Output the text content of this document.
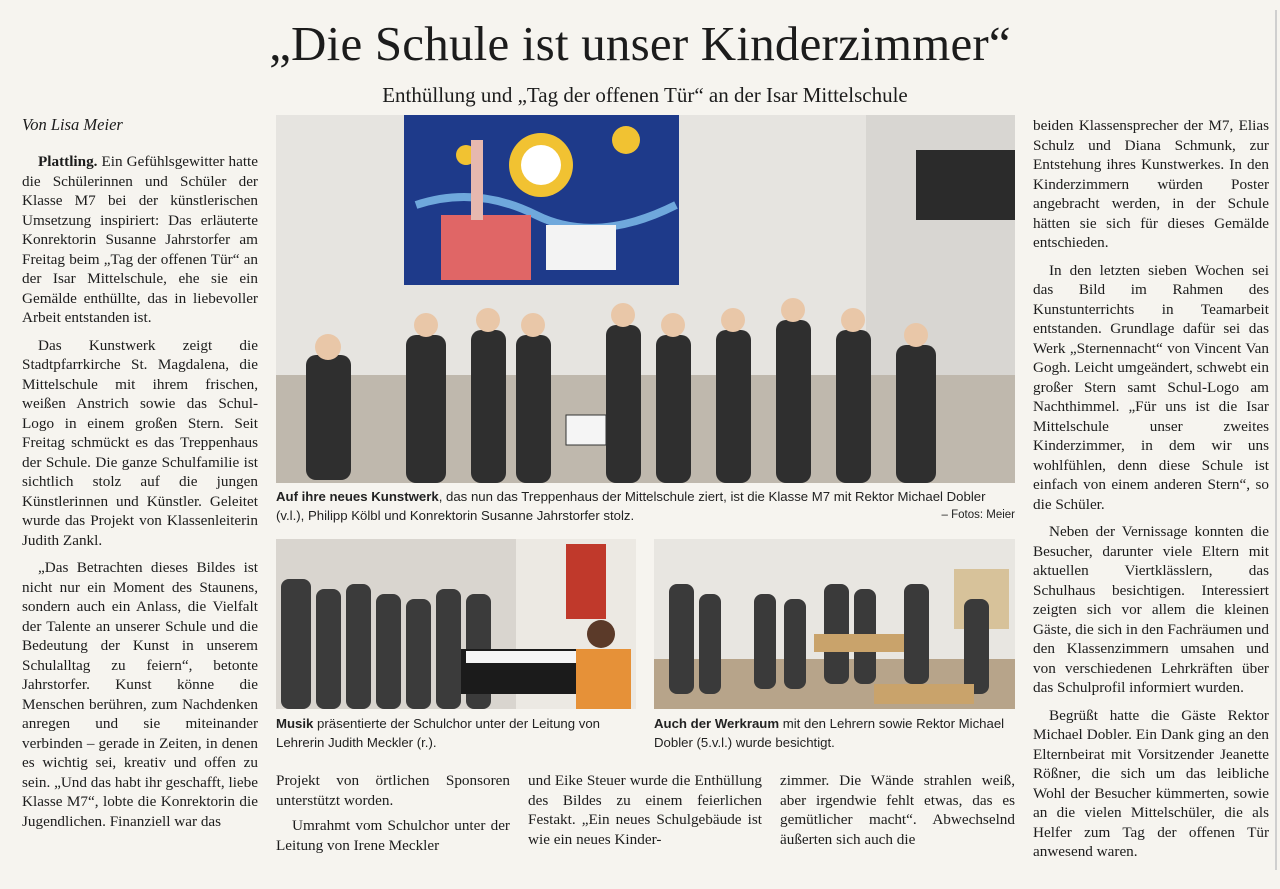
„Die Schule ist unser Kinderzimmer“
Enthüllung und „Tag der offenen Tür“ an der Isar Mittelschule
Von Lisa Meier

Plattling. Ein Gefühlsgewitter hatte die Schülerinnen und Schüler der Klasse M7 bei der künstlerischen Umsetzung inspiriert: Das erläuterte Konrektorin Susanne Jahrstorfer am Freitag beim „Tag der offenen Tür“ an der Isar Mittelschule, ehe sie ein Gemälde enthüllte, das in liebevoller Arbeit entstanden ist.

Das Kunstwerk zeigt die Stadtpfarrkirche St. Magdalena, die Mittelschule mit ihrem frischen, weißen Anstrich sowie das Schul-Logo in einem großen Stern. Seit Freitag schmückt es das Treppenhaus der Schule. Die ganze Schulfamilie ist sichtlich stolz auf die jungen Künstlerinnen und Künstler. Geleitet wurde das Projekt von Klassenleiterin Judith Zankl.

„Das Betrachten dieses Bildes ist nicht nur ein Moment des Staunens, sondern auch ein Anlass, die Vielfalt der Talente an unserer Schule und die Bedeutung der Kunst in unserem Schulalltag zu feiern“, betonte Jahrstorfer. Kunst könne die Menschen berühren, zum Nachdenken anregen und sie miteinander verbinden – gerade in Zeiten, in denen es wichtig sei, kreativ und offen zu sein. „Und das habt ihr geschafft, liebe Klasse M7“, lobte die Konrektorin die Jugendlichen. Finanziell war das

Auf ihre neues Kunstwerk, das nun das Treppenhaus der Mittelschule ziert, ist die Klasse M7 mit Rektor Michael Dobler (v.l.), Philipp Kölbl und Konrektorin Susanne Jahrstorfer stolz.	– Fotos: Meier
Musik präsentierte der Schulchor unter der Leitung von Lehrerin Judith Meckler (r.).
Auch der Werkraum mit den Lehrern sowie Rektor Michael Dobler (5.v.l.) wurde besichtigt.

Projekt von örtlichen Sponsoren unterstützt worden.

Umrahmt vom Schulchor unter der Leitung von Irene Meckler

und Eike Steuer wurde die Enthüllung des Bildes zu einem feierlichen Festakt. „Ein neues Schulgebäude ist wie ein neues Kinder-

zimmer. Die Wände strahlen weiß, aber irgendwie fehlt etwas, das es gemütlicher macht“. Abwechselnd äußerten sich auch die

beiden Klassensprecher der M7, Elias Schulz und Diana Schmunk, zur Entstehung ihres Kunstwerkes. In den Kinderzimmern würden Poster angebracht werden, in der Schule hätten sie sich für dieses Gemälde entschieden.

In den letzten sieben Wochen sei das Bild im Rahmen des Kunstunterrichts in Teamarbeit entstanden. Grundlage dafür sei das Werk „Sternennacht“ von Vincent Van Gogh. Leicht umgeändert, schwebt ein großer Stern samt Schul-Logo am Nachthimmel. „Für uns ist die Isar Mittelschule unser zweites Kinderzimmer, in dem wir uns wohlfühlen, denn diese Schule ist einfach von einem anderen Stern“, so die Schüler.

Neben der Vernissage konnten die Besucher, darunter viele Eltern mit aktuellen Viertklässlern, das Schulhaus besichtigen. Interessiert zeigten sich vor allem die kleinen Gäste, die sich in den Fachräumen und den Klassenzimmern umsahen und von verschiedenen Lehrkräften über das Schulprofil informiert wurden.

Begrüßt hatte die Gäste Rektor Michael Dobler. Ein Dank ging an den Elternbeirat mit Vorsitzender Jeanette Rößner, die sich um das leibliche Wohl der Besucher kümmerten, sowie an die vielen Mittelschüler, die als Helfer zum Tag der offenen Tür anwesend waren.
